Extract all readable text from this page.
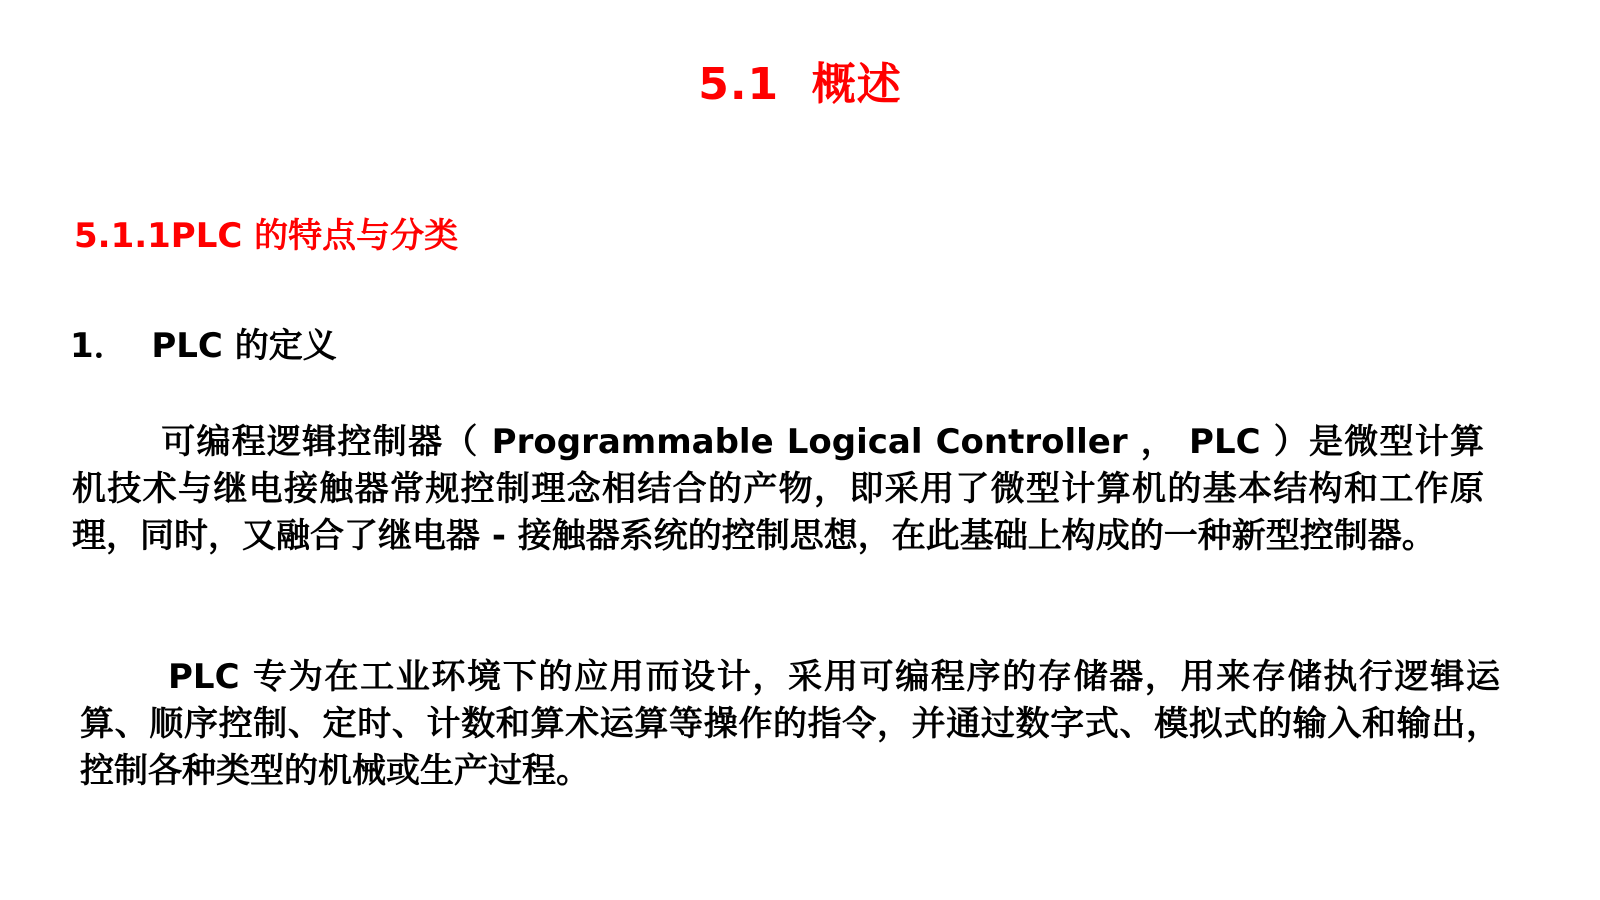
5.1  概述
5.1.1PLC 的特点与分类
1．  PLC 的定义
可编程逻辑控制器（ Programmable Logical Controller ， PLC ）是微型计算机技术与继电接触器常规控制理念相结合的产物，即采用了微型计算机的基本结构和工作原理，同时，又融合了继电器 - 接触器系统的控制思想，在此基础上构成的一种新型控制器。
PLC 专为在工业环境下的应用而设计，采用可编程序的存储器，用来存储执行逻辑运算、顺序控制、定时、计数和算术运算等操作的指令，并通过数字式、模拟式的输入和输出，控制各种类型的机械或生产过程。
